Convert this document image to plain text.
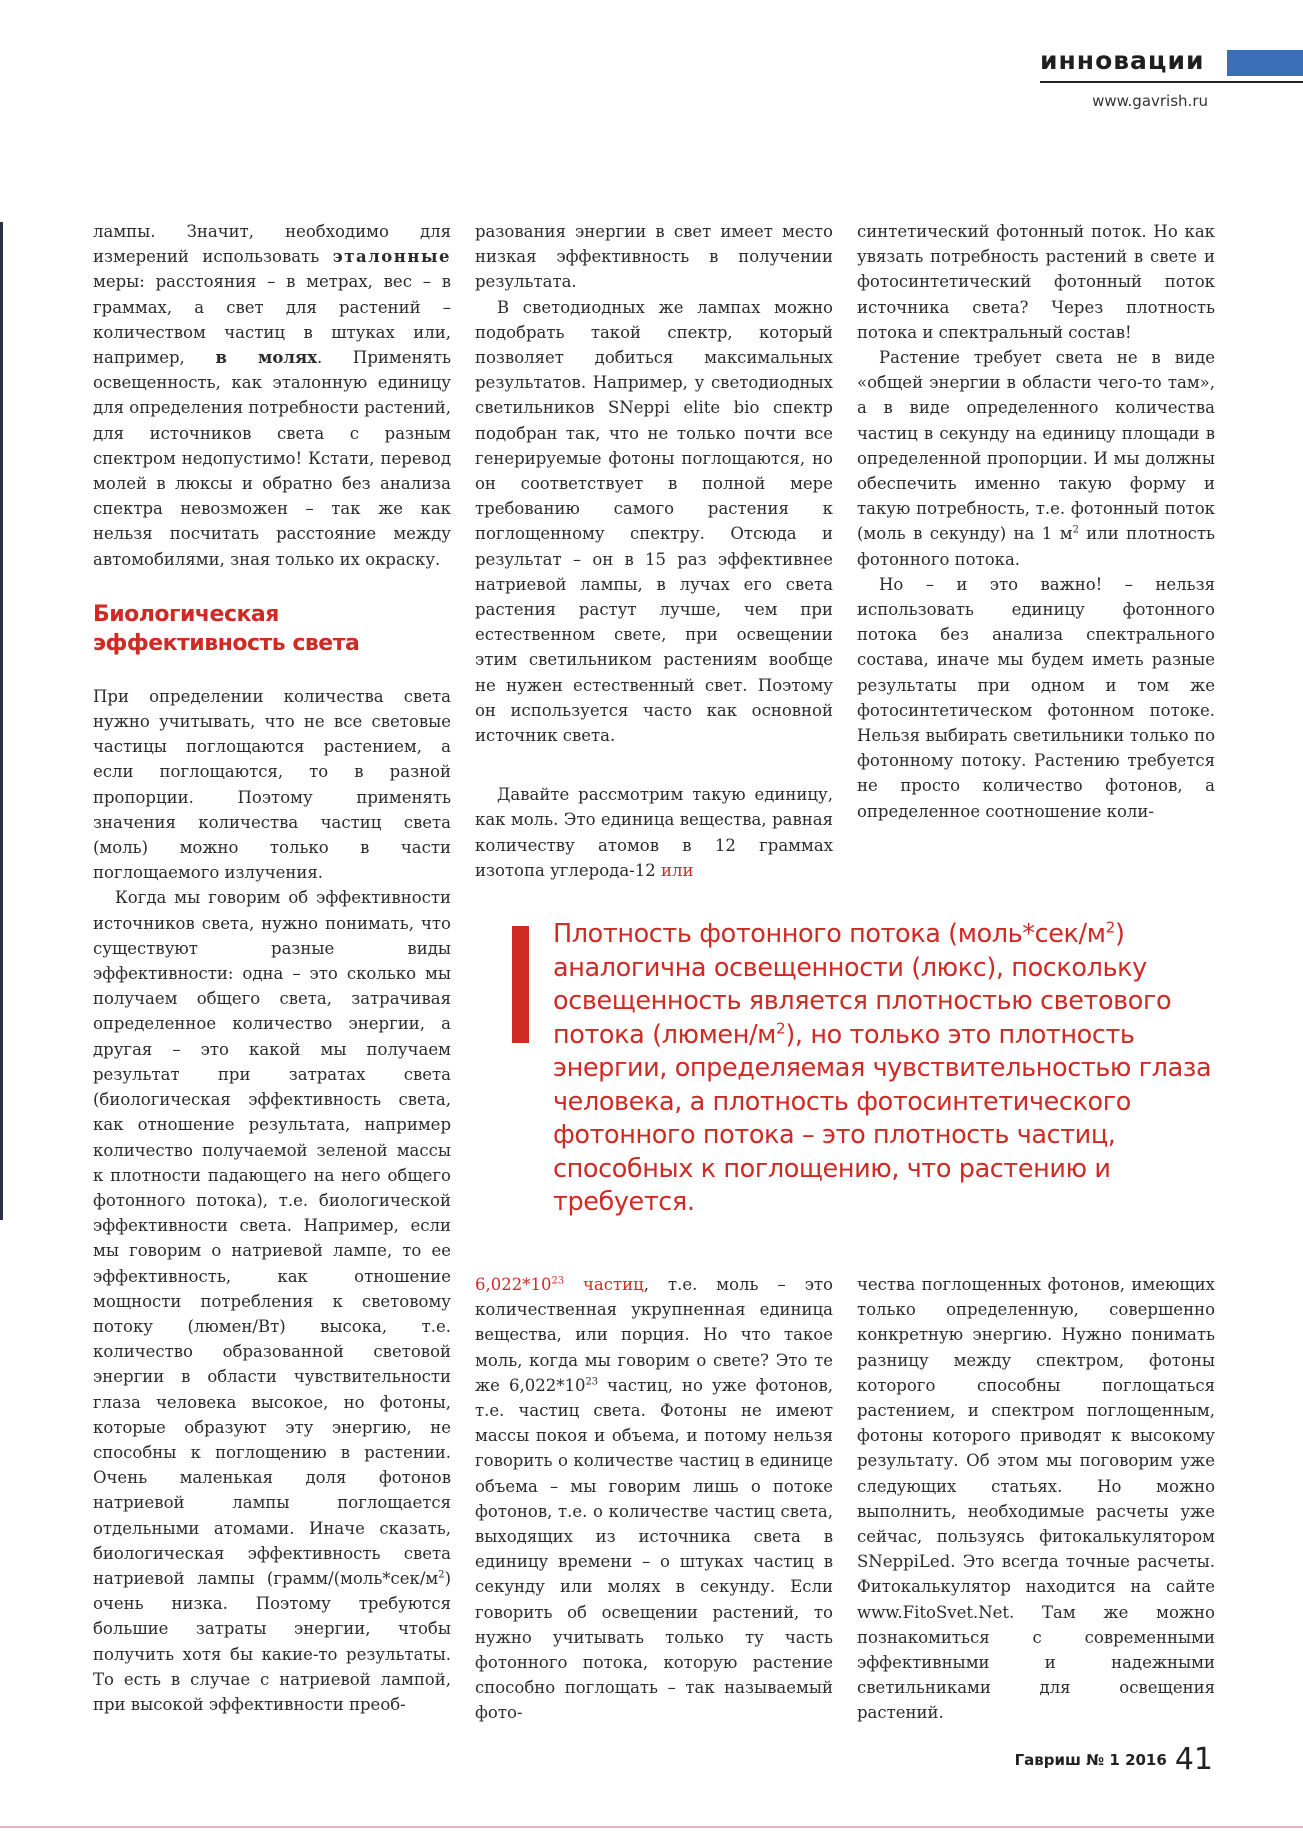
инновации
www.gavrish.ru

лампы. Значит, необходимо для измерений использовать эталонные меры: расстояния – в метрах, вес – в граммах, а свет для растений – количеством частиц в штуках или, например, в молях. Применять освещенность, как эталонную единицу для определения потребности растений, для источников света с разным спектром недопустимо! Кстати, перевод молей в люксы и обратно без анализа спектра невозможен – так же как нельзя посчитать расстояние между автомобилями, зная только их окраску.

Биологическая эффективность света

При определении количества света нужно учитывать, что не все световые частицы поглощаются растением, а если поглощаются, то в разной пропорции. Поэтому применять значения количества частиц света (моль) можно только в части поглощаемого излучения.

Когда мы говорим об эффективности источников света, нужно понимать, что существуют разные виды эффективности: одна – это сколько мы получаем общего света, затрачивая определенное количество энергии, а другая – это какой мы получаем результат при затратах света (биологическая эффективность света, как отношение результата, например количество получаемой зеленой массы к плотности падающего на него общего фотонного потока), т.е. биологической эффективности света. Например, если мы говорим о натриевой лампе, то ее эффективность, как отношение мощности потребления к световому потоку (люмен/Вт) высока, т.е. количество образованной световой энергии в области чувствительности глаза человека высокое, но фотоны, которые образуют эту энергию, не способны к поглощению в растении. Очень маленькая доля фотонов натриевой лампы поглощается отдельными атомами. Иначе сказать, биологическая эффективность света натриевой лампы ($грамм/(моль*сек/м^2)$ очень низка. Поэтому требуются большие затраты энергии, чтобы получить хотя бы какие-то результаты. То есть в случае с натриевой лампой, при высокой эффективности преоб-

разования энергии в свет имеет место низкая эффективность в получении результата.

В светодиодных же лампах можно подобрать такой спектр, который позволяет добиться максимальных результатов. Например, у светодиодных светильников SNeppi elite bio спектр подобран так, что не только почти все генерируемые фотоны поглощаются, но он соответствует в полной мере требованию самого растения к поглощенному спектру. Отсюда и результат – он в 15 раз эффективнее натриевой лампы, в лучах его света растения растут лучше, чем при естественном свете, при освещении этим светильником растениям вообще не нужен естественный свет. Поэтому он используется часто как основной источник света.

Давайте рассмотрим такую единицу, как моль. Это единица вещества, равная количеству атомов в 12 граммах изотопа углерода-12 или

синтетический фотонный поток. Но как увязать потребность растений в свете и фотосинтетический фотонный поток источника света? Через плотность потока и спектральный состав!

Растение требует света не в виде «общей энергии в области чего-то там», а в виде определенного количества частиц в секунду на единицу площади в определенной пропорции. И мы должны обеспечить именно такую форму и такую потребность, т.е. фотонный поток (моль в секунду) на 1 $м^2$ или плотность фотонного потока.

Но – и это важно! – нельзя использовать единицу фотонного потока без анализа спектрального состава, иначе мы будем иметь разные результаты при одном и том же фотосинтетическом фотонном потоке. Нельзя выбирать светильники только по фотонному потоку. Растению требуется не просто количество фотонов, а определенное соотношение коли-

Плотность фотонного потока $(моль*сек/м^2)$ аналогична освещенности (люкс), поскольку освещенность является плотностью светового потока $(люмен/м^2)$, но только это плотность энергии, определяемая чувствительностью глаза человека, а плотность фотосинтетического фотонного потока – это плотность частиц, способных к поглощению, что растению и требуется.

$6,022*10^{23}$ частиц, т.е. моль – это количественная укрупненная единица вещества, или порция. Но что такое моль, когда мы говорим о свете? Это те же $6,022*10^{23}$ частиц, но уже фотонов, т.е. частиц света. Фотоны не имеют массы покоя и объема, и потому нельзя говорить о количестве частиц в единице объема – мы говорим лишь о потоке фотонов, т.е. о количестве частиц света, выходящих из источника света в единицу времени – о штуках частиц в секунду или молях в секунду. Если говорить об освещении растений, то нужно учитывать только ту часть фотонного потока, которую растение способно поглощать – так называемый фото-

чества поглощенных фотонов, имеющих только определенную, совершенно конкретную энергию. Нужно понимать разницу между спектром, фотоны которого способны поглощаться растением, и спектром поглощенным, фотоны которого приводят к высокому результату. Об этом мы поговорим уже следующих статьях. Но можно выполнить, необходимые расчеты уже сейчас, пользуясь фитокалькулятором SNeppiLed. Это всегда точные расчеты. Фитокалькулятор находится на сайте www.FitoSvet.Net. Там же можно познакомиться с современными эффективными и надежными светильниками для освещения растений.

Гавриш № 1 2016 41
